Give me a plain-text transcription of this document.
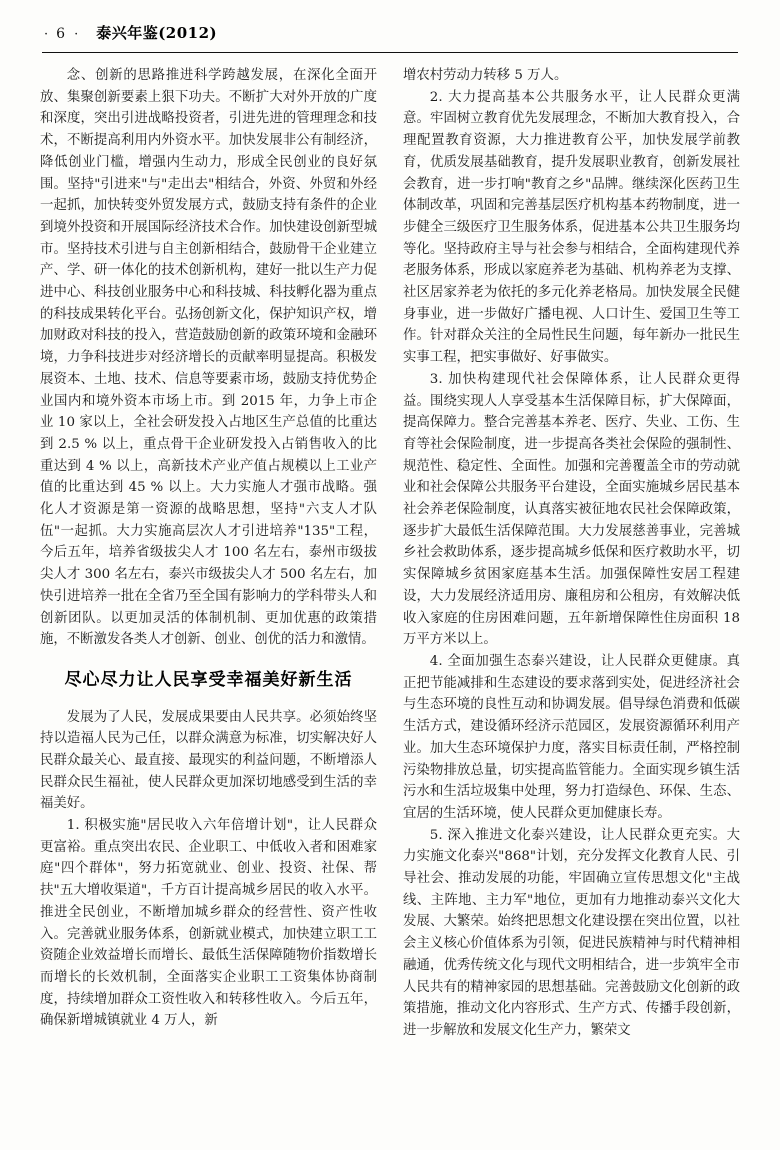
· 6 · 泰兴年鉴(2012)

念、创新的思路推进科学跨越发展，在深化全面开放、集聚创新要素上狠下功夫。不断扩大对外开放的广度和深度，突出引进战略投资者，引进先进的管理理念和技术，不断提高利用内外资水平。加快发展非公有制经济，降低创业门槛，增强内生动力，形成全民创业的良好氛围。坚持"引进来"与"走出去"相结合，外资、外贸和外经一起抓，加快转变外贸发展方式，鼓励支持有条件的企业到境外投资和开展国际经济技术合作。加快建设创新型城市。坚持技术引进与自主创新相结合，鼓励骨干企业建立产、学、研一体化的技术创新机构，建好一批以生产力促进中心、科技创业服务中心和科技城、科技孵化器为重点的科技成果转化平台。弘扬创新文化，保护知识产权，增加财政对科技的投入，营造鼓励创新的政策环境和金融环境，力争科技进步对经济增长的贡献率明显提高。积极发展资本、土地、技术、信息等要素市场，鼓励支持优势企业国内和境外资本市场上市。到 2015 年，力争上市企业 10 家以上，全社会研发投入占地区生产总值的比重达到 2.5 % 以上，重点骨干企业研发投入占销售收入的比重达到 4 % 以上，高新技术产业产值占规模以上工业产值的比重达到 45 % 以上。大力实施人才强市战略。强化人才资源是第一资源的战略思想，坚持"六支人才队伍"一起抓。大力实施高层次人才引进培养"135"工程，今后五年，培养省级拔尖人才 100 名左右，泰州市级拔尖人才 300 名左右，泰兴市级拔尖人才 500 名左右，加快引进培养一批在全省乃至全国有影响力的学科带头人和创新团队。以更加灵活的体制机制、更加优惠的政策措施，不断激发各类人才创新、创业、创优的活力和激情。

尽心尽力让人民享受幸福美好新生活

发展为了人民，发展成果要由人民共享。必须始终坚持以造福人民为己任，以群众满意为标准，切实解决好人民群众最关心、最直接、最现实的利益问题，不断增添人民群众民生福祉，使人民群众更加深切地感受到生活的幸福美好。

1. 积极实施"居民收入六年倍增计划"，让人民群众更富裕。重点突出农民、企业职工、中低收入者和困难家庭"四个群体"，努力拓宽就业、创业、投资、社保、帮扶"五大增收渠道"，千方百计提高城乡居民的收入水平。推进全民创业，不断增加城乡群众的经营性、资产性收入。完善就业服务体系，创新就业模式，加快建立职工工资随企业效益增长而增长、最低生活保障随物价指数增长而增长的长效机制，全面落实企业职工工资集体协商制度，持续增加群众工资性收入和转移性收入。今后五年，确保新增城镇就业 4 万人，新

增农村劳动力转移 5 万人。

2. 大力提高基本公共服务水平，让人民群众更满意。牢固树立教育优先发展理念，不断加大教育投入，合理配置教育资源，大力推进教育公平，加快发展学前教育，优质发展基础教育，提升发展职业教育，创新发展社会教育，进一步打响"教育之乡"品牌。继续深化医药卫生体制改革，巩固和完善基层医疗机构基本药物制度，进一步健全三级医疗卫生服务体系，促进基本公共卫生服务均等化。坚持政府主导与社会参与相结合，全面构建现代养老服务体系，形成以家庭养老为基础、机构养老为支撑、社区居家养老为依托的多元化养老格局。加快发展全民健身事业，进一步做好广播电视、人口计生、爱国卫生等工作。针对群众关注的全局性民生问题，每年新办一批民生实事工程，把实事做好、好事做实。

3. 加快构建现代社会保障体系，让人民群众更得益。围绕实现人人享受基本生活保障目标，扩大保障面，提高保障力。整合完善基本养老、医疗、失业、工伤、生育等社会保险制度，进一步提高各类社会保险的强制性、规范性、稳定性、全面性。加强和完善覆盖全市的劳动就业和社会保障公共服务平台建设，全面实施城乡居民基本社会养老保险制度，认真落实被征地农民社会保障政策，逐步扩大最低生活保障范围。大力发展慈善事业，完善城乡社会救助体系，逐步提高城乡低保和医疗救助水平，切实保障城乡贫困家庭基本生活。加强保障性安居工程建设，大力发展经济适用房、廉租房和公租房，有效解决低收入家庭的住房困难问题，五年新增保障性住房面积 18 万平方米以上。

4. 全面加强生态泰兴建设，让人民群众更健康。真正把节能减排和生态建设的要求落到实处，促进经济社会与生态环境的良性互动和协调发展。倡导绿色消费和低碳生活方式，建设循环经济示范园区，发展资源循环利用产业。加大生态环境保护力度，落实目标责任制，严格控制污染物排放总量，切实提高监管能力。全面实现乡镇生活污水和生活垃圾集中处理，努力打造绿色、环保、生态、宜居的生活环境，使人民群众更加健康长寿。

5. 深入推进文化泰兴建设，让人民群众更充实。大力实施文化泰兴"868"计划，充分发挥文化教育人民、引导社会、推动发展的功能，牢固确立宣传思想文化"主战线、主阵地、主力军"地位，更加有力地推动泰兴文化大发展、大繁荣。始终把思想文化建设摆在突出位置，以社会主义核心价值体系为引领，促进民族精神与时代精神相融通，优秀传统文化与现代文明相结合，进一步筑牢全市人民共有的精神家园的思想基础。完善鼓励文化创新的政策措施，推动文化内容形式、生产方式、传播手段创新，进一步解放和发展文化生产力，繁荣文
